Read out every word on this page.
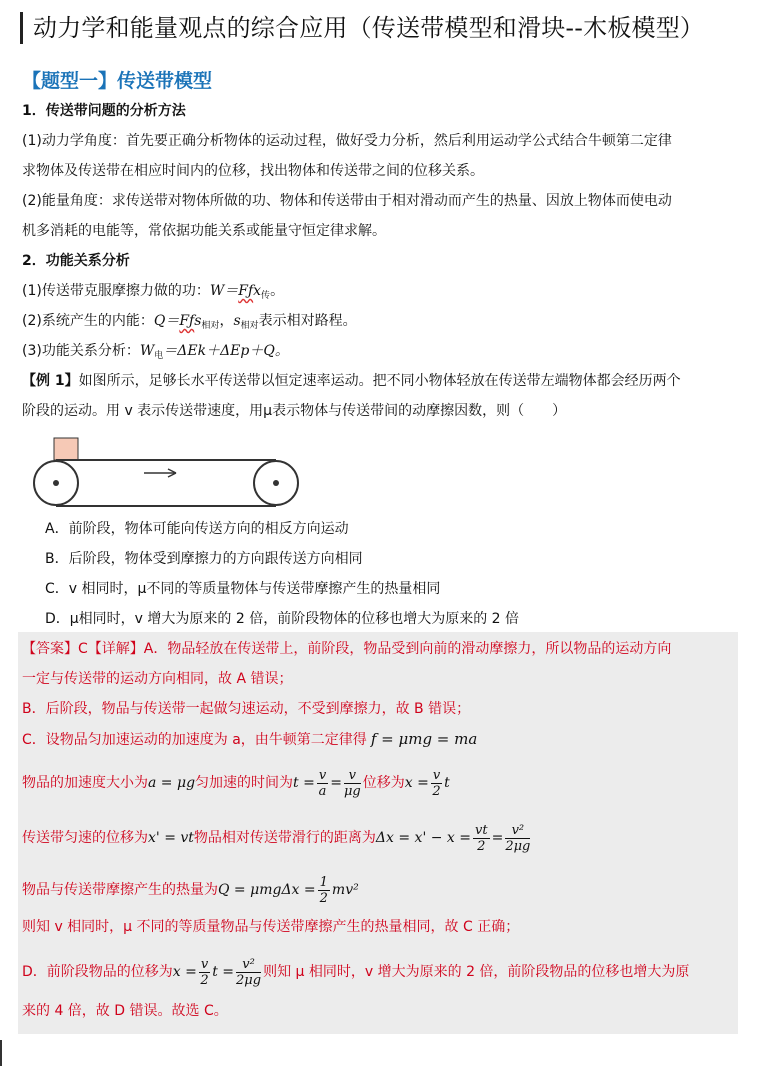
动力学和能量观点的综合应用（传送带模型和滑块--木板模型）
【题型一】传送带模型
1．传送带问题的分析方法
(1)动力学角度：首先要正确分析物体的运动过程，做好受力分析，然后利用运动学公式结合牛顿第二定律
求物体及传送带在相应时间内的位移，找出物体和传送带之间的位移关系。
(2)能量角度：求传送带对物体所做的功、物体和传送带由于相对滑动而产生的热量、因放上物体而使电动
机多消耗的电能等，常依据功能关系或能量守恒定律求解。
2．功能关系分析
(1)传送带克服摩擦力做的功：W＝Fƒx$_传$。
(2)系统产生的内能：Q＝Fƒs$_{相对}$，$s_{相对}$表示相对路程。
(3)功能关系分析：$W_电=\Delta Ek+\Delta Ep+Q$。
【例 1】如图所示，足够长水平传送带以恒定速率运动。把不同小物体轻放在传送带左端物体都会经历两个
阶段的运动。用 v 表示传送带速度，用μ表示物体与传送带间的动摩擦因数，则（　　）
A．前阶段，物体可能向传送方向的相反方向运动
B．后阶段，物体受到摩擦力的方向跟传送方向相同
C．v 相同时，μ不同的等质量物体与传送带摩擦产生的热量相同
D．μ相同时，v 增大为原来的 2 倍，前阶段物体的位移也增大为原来的 2 倍
【答案】C【详解】A．物品轻放在传送带上，前阶段，物品受到向前的滑动摩擦力，所以物品的运动方向
一定与传送带的运动方向相同，故 A 错误；
B．后阶段，物品与传送带一起做匀速运动，不受到摩擦力，故 B 错误；
C．设物品匀加速运动的加速度为 a，由牛顿第二定律得 f = μmg = ma
物品的加速度大小为a = μg匀加速的时间为$t = \frac{v}{a} = \frac{v}{\mu g}$ 位移为$x = \frac{v}{2}$ t
传送带匀速的位移为x' = vt物品相对传送带滑行的距离为$\Delta x = x' - x = \frac{vt}{2} = \frac{\text{v²}}{2\mu g}$
物品与传送带摩擦产生的热量为$Q = \mu mg\Delta x = \frac{1}{2} mv^2$
则知 v 相同时，μ 不同的等质量物品与传送带摩擦产生的热量相同，故 C 正确；
D．前阶段物品的位移为$x = \frac{v}{2}$ $t = \frac{\text{v²}}{2\mu g}$ 则知 μ 相同时，v 增大为原来的 2 倍，前阶段物品的位移也增大为原
来的 4 倍，故 D 错误。故选 C。
